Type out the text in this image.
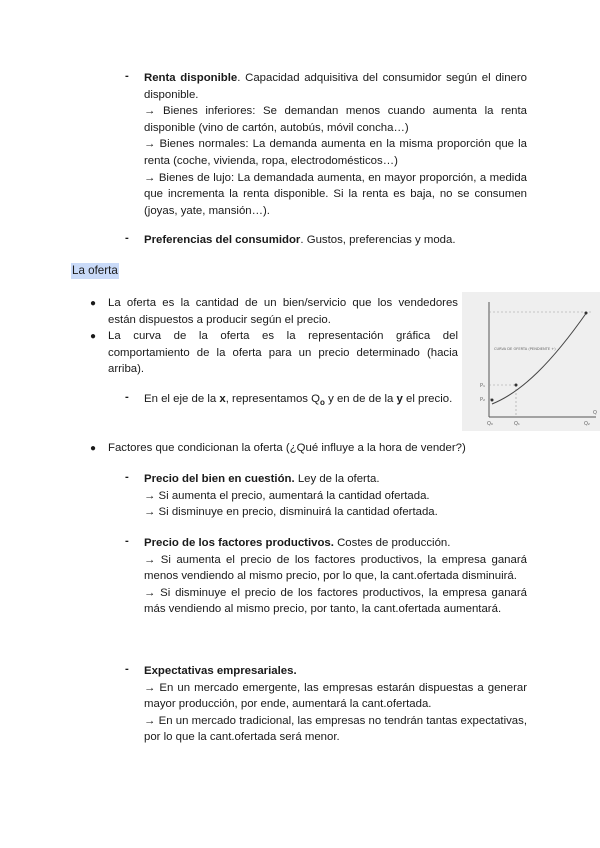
- Renta disponible. Capacidad adquisitiva del consumidor según el dinero disponible.

→ Bienes inferiores: Se demandan menos cuando aumenta la renta disponible (vino de cartón, autobús, móvil concha…)

→ Bienes normales: La demanda aumenta en la misma proporción que la renta (coche, vivienda, ropa, electrodomésticos…)

→ Bienes de lujo: La demandada aumenta, en mayor proporción, a medida que incrementa la renta disponible. Si la renta es baja, no se consumen (joyas, yate, mansión…).

- Preferencias del consumidor. Gustos, preferencias y moda.

La oferta
● La oferta es la cantidad de un bien/servicio que los vendedores están dispuestos a producir según el precio.
● La curva de la oferta es la representación gráfica del comportamiento de la oferta para un precio determinado (hacia arriba).
- En el eje de la x, representamos $Q_o$ y en de de la y el precio.

CURVA DE OFERTA (PENDIENTE +)
P₁
P₂
Q₀	Q₁	Q₂
Q
● Factores que condicionan la oferta (¿Qué influye a la hora de vender?)
- Precio del bien en cuestión. Ley de la oferta.

→ Si aumenta el precio, aumentará la cantidad ofertada.

→ Si disminuye en precio, disminuirá la cantidad ofertada.

- Precio de los factores productivos. Costes de producción.

→ Si aumenta el precio de los factores productivos, la empresa ganará menos vendiendo al mismo precio, por lo que, la cant.ofertada disminuirá.

→ Si disminuye el precio de los factores productivos, la empresa ganará más vendiendo al mismo precio, por tanto, la cant.ofertada aumentará.

- Expectativas empresariales.

→ En un mercado emergente, las empresas estarán dispuestas a generar mayor producción, por ende, aumentará la cant.ofertada.

→ En un mercado tradicional, las empresas no tendrán tantas expectativas, por lo que la cant.ofertada será menor.
